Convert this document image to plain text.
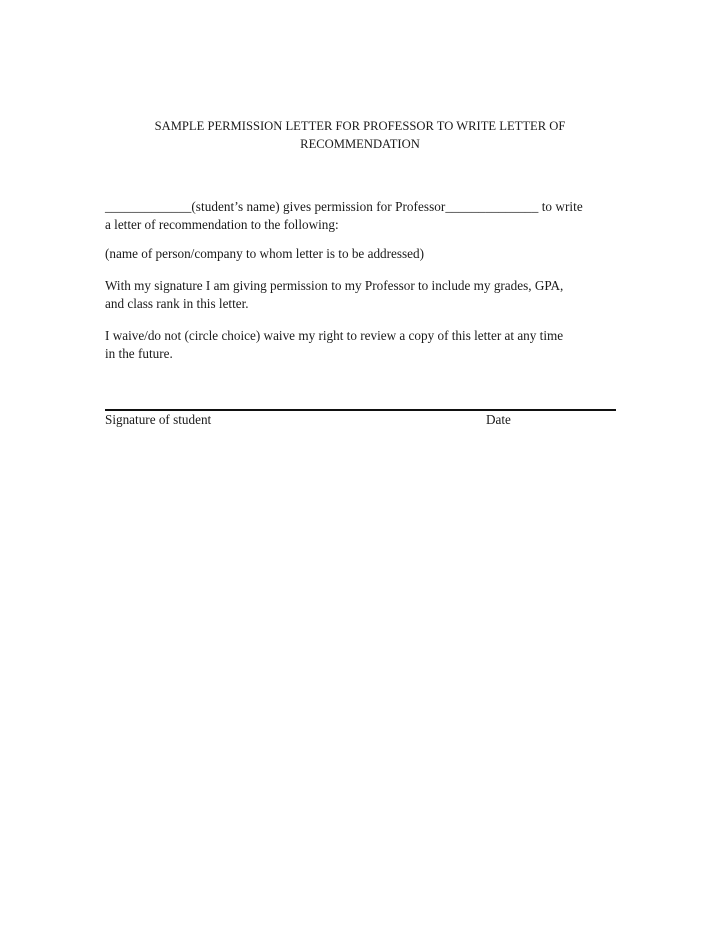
SAMPLE PERMISSION LETTER FOR PROFESSOR TO WRITE LETTER OF
RECOMMENDATION
_____________(student’s name) gives permission for Professor______________ to write
a letter of recommendation to the following:
(name of person/company to whom letter is to be addressed)
With my signature I am giving permission to my Professor to include my grades, GPA,
and class rank in this letter.
I waive/do not (circle choice) waive my right to review a copy of this letter at any time
in the future.
Signature of student	Date
